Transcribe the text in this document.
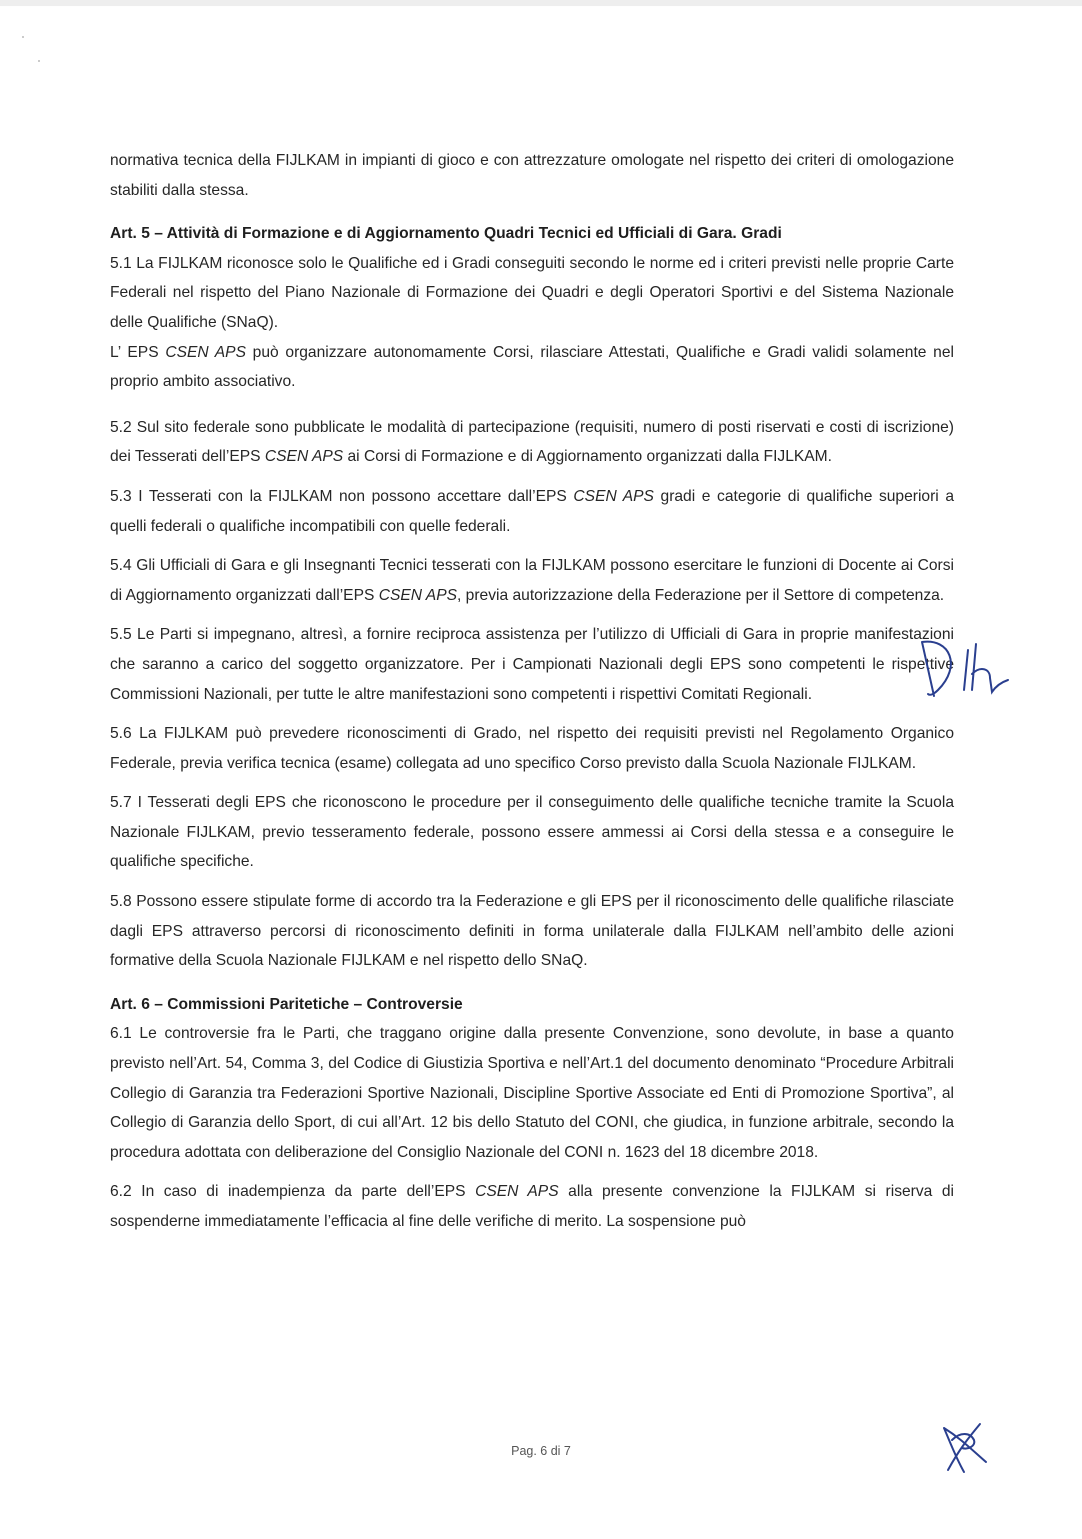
normativa tecnica della FIJLKAM in impianti di gioco e con attrezzature omologate nel rispetto dei criteri di omologazione stabiliti dalla stessa.

Art. 5 – Attività di Formazione e di Aggiornamento Quadri Tecnici ed Ufficiali di Gara. Gradi

5.1 La FIJLKAM riconosce solo le Qualifiche ed i Gradi conseguiti secondo le norme ed i criteri previsti nelle proprie Carte Federali nel rispetto del Piano Nazionale di Formazione dei Quadri e degli Operatori Sportivi e del Sistema Nazionale delle Qualifiche (SNaQ).

L’ EPS CSEN APS può organizzare autonomamente Corsi, rilasciare Attestati, Qualifiche e Gradi validi solamente nel proprio ambito associativo.

5.2 Sul sito federale sono pubblicate le modalità di partecipazione (requisiti, numero di posti riservati e costi di iscrizione) dei Tesserati dell’EPS CSEN APS ai Corsi di Formazione e di Aggiornamento organizzati dalla FIJLKAM.

5.3 I Tesserati con la FIJLKAM non possono accettare dall’EPS CSEN APS gradi e categorie di qualifiche superiori a quelli federali o qualifiche incompatibili con quelle federali.

5.4 Gli Ufficiali di Gara e gli Insegnanti Tecnici tesserati con la FIJLKAM possono esercitare le funzioni di Docente ai Corsi di Aggiornamento organizzati dall’EPS CSEN APS, previa autorizzazione della Federazione per il Settore di competenza.

5.5 Le Parti si impegnano, altresì, a fornire reciproca assistenza per l’utilizzo di Ufficiali di Gara in proprie manifestazioni che saranno a carico del soggetto organizzatore. Per i Campionati Nazionali degli EPS sono competenti le rispettive Commissioni Nazionali, per tutte le altre manifestazioni sono competenti i rispettivi Comitati Regionali.

5.6 La FIJLKAM può prevedere riconoscimenti di Grado, nel rispetto dei requisiti previsti nel Regolamento Organico Federale, previa verifica tecnica (esame) collegata ad uno specifico Corso previsto dalla Scuola Nazionale FIJLKAM.

5.7 I Tesserati degli EPS che riconoscono le procedure per il conseguimento delle qualifiche tecniche tramite la Scuola Nazionale FIJLKAM, previo tesseramento federale, possono essere ammessi ai Corsi della stessa e a conseguire le qualifiche specifiche.

5.8 Possono essere stipulate forme di accordo tra la Federazione e gli EPS per il riconoscimento delle qualifiche rilasciate dagli EPS attraverso percorsi di riconoscimento definiti in forma unilaterale dalla FIJLKAM nell’ambito delle azioni formative della Scuola Nazionale FIJLKAM e nel rispetto dello SNaQ.

Art. 6 – Commissioni Paritetiche – Controversie

6.1 Le controversie fra le Parti, che traggano origine dalla presente Convenzione, sono devolute, in base a quanto previsto nell’Art. 54, Comma 3, del Codice di Giustizia Sportiva e nell’Art.1 del documento denominato “Procedure Arbitrali Collegio di Garanzia tra Federazioni Sportive Nazionali, Discipline Sportive Associate ed Enti di Promozione Sportiva”, al Collegio di Garanzia dello Sport, di cui all’Art. 12 bis dello Statuto del CONI, che giudica, in funzione arbitrale, secondo la procedura adottata con deliberazione del Consiglio Nazionale del CONI n. 1623 del 18 dicembre 2018.

6.2 In caso di inadempienza da parte dell’EPS CSEN APS alla presente convenzione la FIJLKAM si riserva di sospenderne immediatamente l’efficacia al fine delle verifiche di merito. La sospensione può

Pag. 6 di 7
